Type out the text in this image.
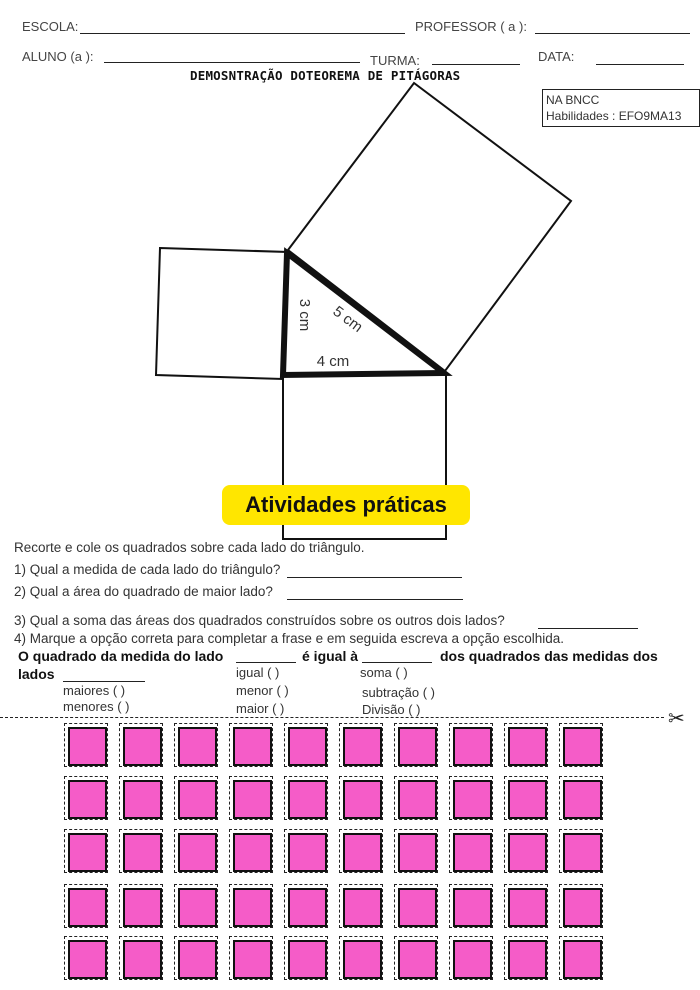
ESCOLA:	PROFESSOR ( a ):
ALUNO (a ):	TURMA:	DATA:
DEMOSNTRAÇÃO DOTEOREMA DE PITÁGORAS
NA BNCC
Habilidades : EFO9MA13
3 cm
4 cm
5 cm
Atividades práticas
Recorte e cole os quadrados sobre cada lado do triângulo.
1) Qual a medida de cada lado do triângulo?
2) Qual a área do quadrado de maior lado?
3) Qual a soma das áreas dos quadrados construídos sobre os outros dois lados?
4) Marque a opção correta para completar a frase e em seguida escreva a opção escolhida.
O quadrado da medida do lado	é igual à	dos quadrados das medidas dos
lados
maiores ( )
menores ( )
igual ( )
menor ( )
maior ( )
soma ( )
subtração ( )
Divisão ( )	✂
